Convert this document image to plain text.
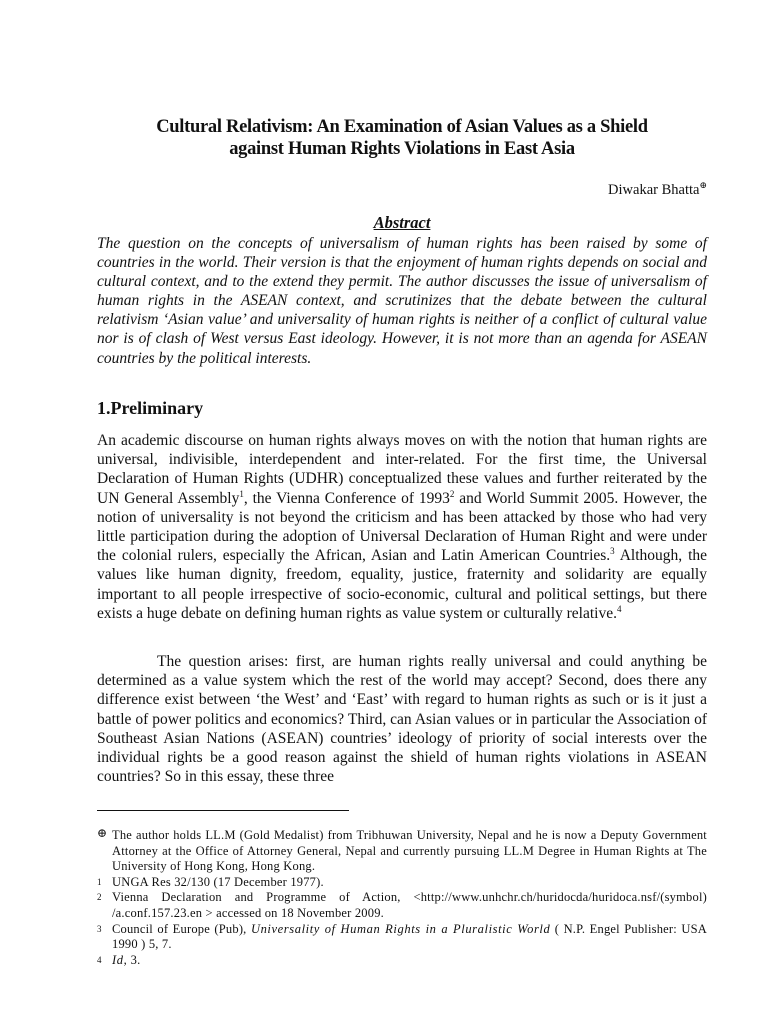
Cultural Relativism: An Examination of Asian Values as a Shield
against Human Rights Violations in East Asia
Diwakar Bhatta⊕
Abstract
The question on the concepts of universalism of human rights has been raised by some of countries in the world. Their version is that the enjoyment of human rights depends on social and cultural context, and to the extend they permit. The author discusses the issue of universalism of human rights in the ASEAN context, and scrutinizes that the debate between the cultural relativism ‘Asian value’ and universality of human rights is neither of a conflict of cultural value nor is of clash of West versus East ideology. However, it is not more than an agenda for ASEAN countries by the political interests.
1.Preliminary
An academic discourse on human rights always moves on with the notion that human rights are universal, indivisible, interdependent and inter-related. For the first time, the Universal Declaration of Human Rights (UDHR) conceptualized these values and further reiterated by the UN General Assembly$^1$, the Vienna Conference of 1993$^2$ and World Summit 2005. However, the notion of universality is not beyond the criticism and has been attacked by those who had very little participation during the adoption of Universal Declaration of Human Right and were under the colonial rulers, especially the African, Asian and Latin American Countries.$^3$ Although, the values like human dignity, freedom, equality, justice, fraternity and solidarity are equally important to all people irrespective of socio-economic, cultural and political settings, but there exists a huge debate on defining human rights as value system or culturally relative.$^4$
The question arises: first, are human rights really universal and could anything be determined as a value system which the rest of the world may accept? Second, does there any difference exist between ‘the West’ and ‘East’ with regard to human rights as such or is it just a battle of power politics and economics? Third, can Asian values or in particular the Association of Southeast Asian Nations (ASEAN) countries’ ideology of priority of social interests over the individual rights be a good reason against the shield of human rights violations in ASEAN countries? So in this essay, these three
⊕ The author holds LL.M (Gold Medalist) from Tribhuwan University, Nepal and he is now a Deputy Government Attorney at the Office of Attorney General, Nepal and currently pursuing LL.M Degree in Human Rights at The University of Hong Kong, Hong Kong.
1 UNGA Res 32/130 (17 December 1977).
2 Vienna Declaration and Programme of Action, <http://www.unhchr.ch/huridocda/huridoca.nsf/(symbol) /a.conf.157.23.en > accessed on 18 November 2009.
3 Council of Europe (Pub), Universality of Human Rights in a Pluralistic World ( N.P. Engel Publisher: USA 1990 ) 5, 7.
4 Id, 3.
